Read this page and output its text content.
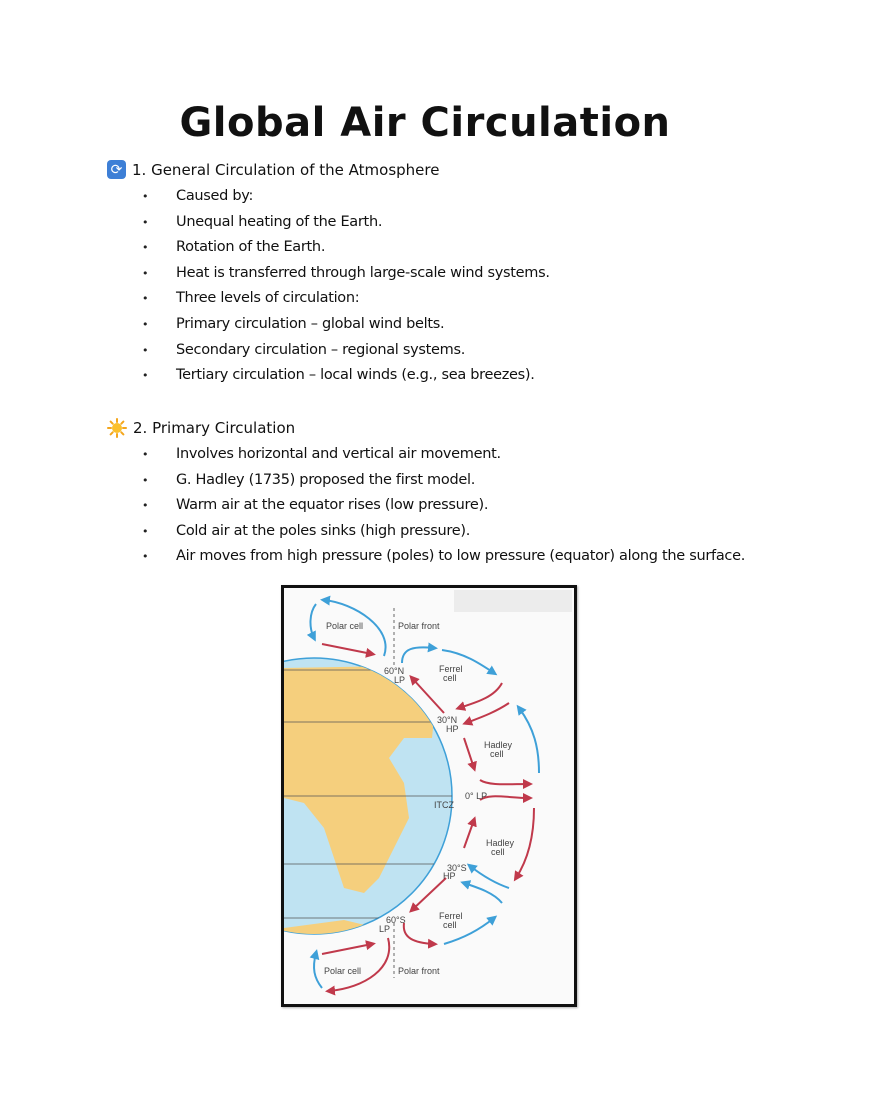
Global Air Circulation
⟳ 1. General Circulation of the Atmosphere
• Caused by:
• Unequal heating of the Earth.
• Rotation of the Earth.
• Heat is transferred through large-scale wind systems.
• Three levels of circulation:
• Primary circulation – global wind belts.
• Secondary circulation – regional systems.
• Tertiary circulation – local winds (e.g., sea breezes).
2. Primary Circulation
• Involves horizontal and vertical air movement.
• G. Hadley (1735) proposed the first model.
• Warm air at the equator rises (low pressure).
• Cold air at the poles sinks (high pressure).
• Air moves from high pressure (poles) to low pressure (equator) along the surface.
Polar cell	Polar front
60°N
LP
Ferrel
cell
30°N
HP
Hadley
cell
0° LP
ITCZ
Hadley
cell
30°S
HP
Ferrel
cell
60°S
LP
Polar cell	Polar front
